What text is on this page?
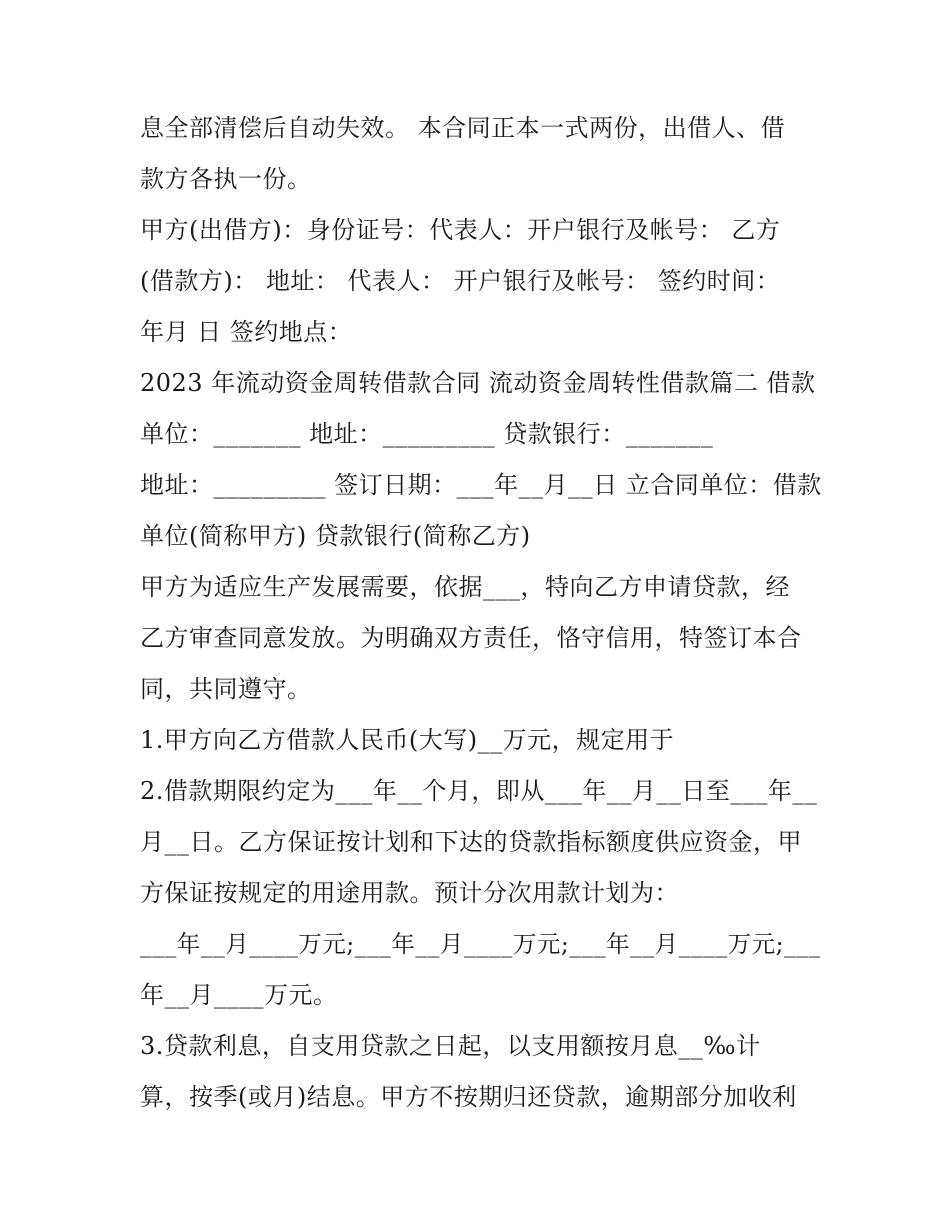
息全部清偿后自动失效。 本合同正本一式两份，出借人、借
款方各执一份。
甲方(出借方)：身份证号：代表人：开户银行及帐号： 乙方
(借款方)： 地址： 代表人： 开户银行及帐号： 签约时间：
年月 日 签约地点：
2023 年流动资金周转借款合同 流动资金周转性借款篇二 借款
单位：_______ 地址：_________ 贷款银行：_______
地址：_________ 签订日期：___年__月__日 立合同单位：借款
单位(简称甲方) 贷款银行(简称乙方)
甲方为适应生产发展需要，依据___，特向乙方申请贷款，经
乙方审查同意发放。为明确双方责任，恪守信用，特签订本合
同，共同遵守。
1.甲方向乙方借款人民币(大写)__万元，规定用于
2.借款期限约定为___年__个月，即从___年__月__日至___年__
月__日。乙方保证按计划和下达的贷款指标额度供应资金，甲
方保证按规定的用途用款。预计分次用款计划为：
___年__月____万元;___年__月____万元;___年__月____万元;___
年__月____万元。
3.贷款利息，自支用贷款之日起，以支用额按月息__‰计
算，按季(或月)结息。甲方不按期归还贷款，逾期部分加收利
